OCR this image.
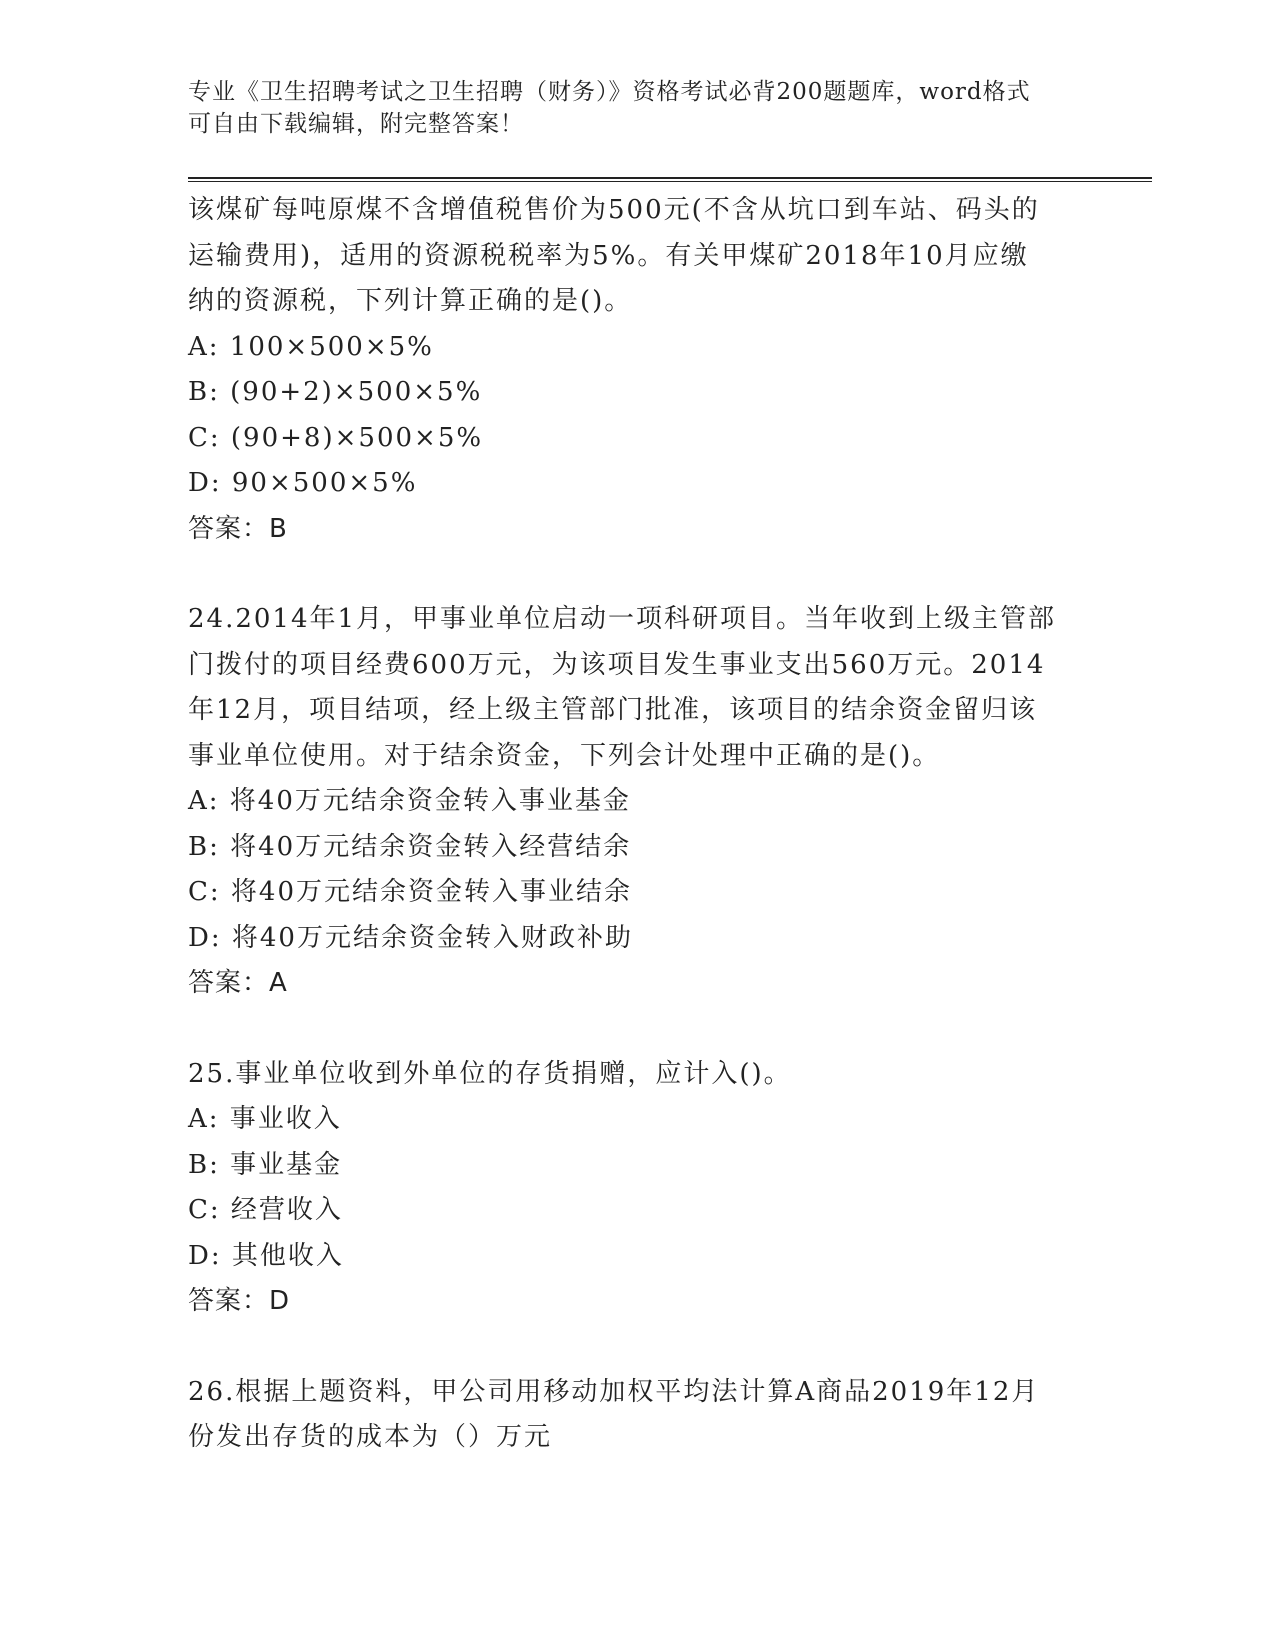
专业《卫生招聘考试之卫生招聘（财务）》资格考试必背200题题库，word格式
可自由下载编辑，附完整答案！
该煤矿每吨原煤不含增值税售价为500元(不含从坑口到车站、码头的
运输费用)，适用的资源税税率为5%。有关甲煤矿2018年10月应缴
纳的资源税，下列计算正确的是()。
A: 100×500×5%
B: (90+2)×500×5%
C: (90+8)×500×5%
D: 90×500×5%
答案：B
24.2014年1月，甲事业单位启动一项科研项目。当年收到上级主管部
门拨付的项目经费600万元，为该项目发生事业支出560万元。2014
年12月，项目结项，经上级主管部门批准，该项目的结余资金留归该
事业单位使用。对于结余资金，下列会计处理中正确的是()。
A: 将40万元结余资金转入事业基金
B: 将40万元结余资金转入经营结余
C: 将40万元结余资金转入事业结余
D: 将40万元结余资金转入财政补助
答案：A
25.事业单位收到外单位的存货捐赠，应计入()。
A: 事业收入
B: 事业基金
C: 经营收入
D: 其他收入
答案：D
26.根据上题资料，甲公司用移动加权平均法计算A商品2019年12月
份发出存货的成本为（）万元
